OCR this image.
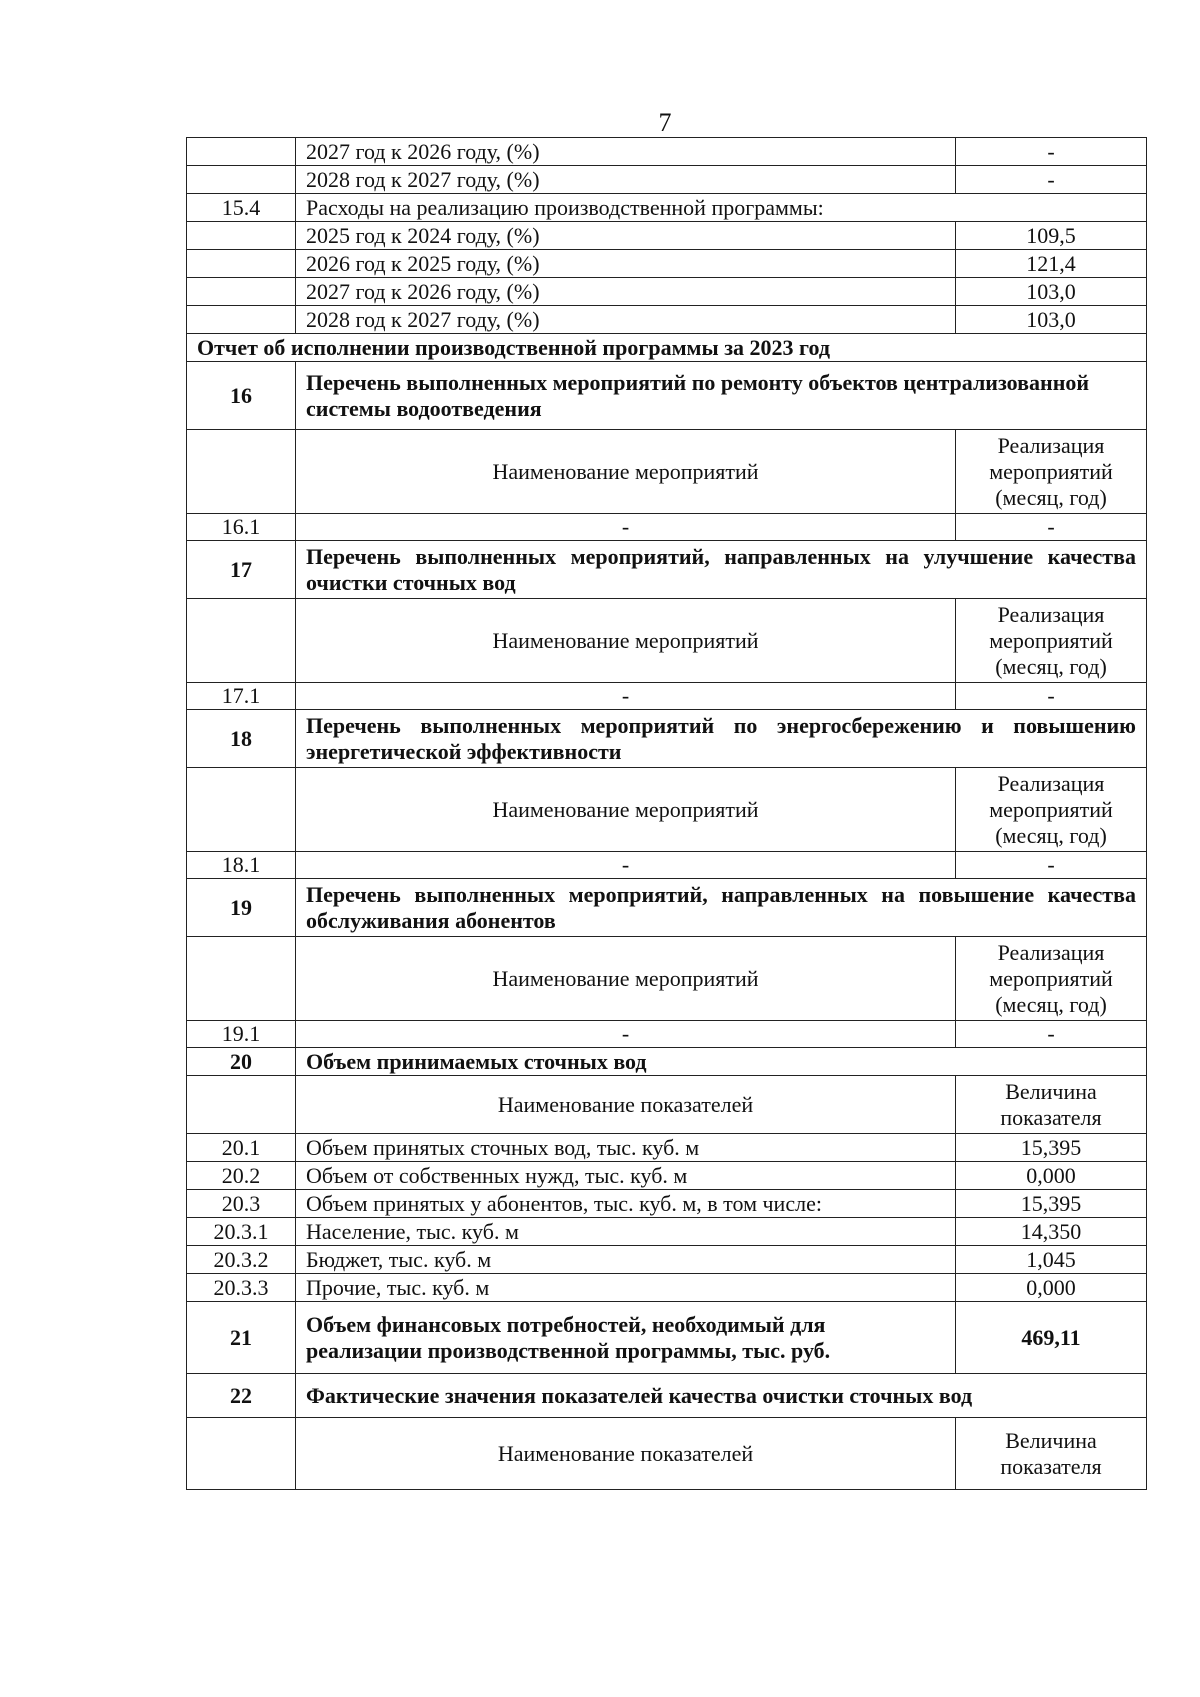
7
	2027 год к 2026 году, (%)	-
	2028 год к 2027 году, (%)	-
15.4	Расходы на реализацию производственной программы:	
	2025 год к 2024 году, (%)	109,5
	2026 год к 2025 году, (%)	121,4
	2027 год к 2026 году, (%)	103,0
	2028 год к 2027 году, (%)	103,0
Отчет об исполнении производственной программы за 2023 год		
16	Перечень выполненных мероприятий по ремонту объектов централизованной системы водоотведения	
	Наименование мероприятий	Реализация мероприятий (месяц, год)
16.1	-	-
17	Перечень выполненных мероприятий, направленных на улучшение качества очистки сточных вод	
	Наименование мероприятий	Реализация мероприятий (месяц, год)
17.1	-	-
18	Перечень выполненных мероприятий по энергосбережению и повышению энергетической эффективности	
	Наименование мероприятий	Реализация мероприятий (месяц, год)
18.1	-	-
19	Перечень выполненных мероприятий, направленных на повышение качества обслуживания абонентов	
	Наименование мероприятий	Реализация мероприятий (месяц, год)
19.1	-	-
20	Объем принимаемых сточных вод	
	Наименование показателей	Величина показателя
20.1	Объем принятых сточных вод, тыс. куб. м	15,395
20.2	Объем от собственных нужд, тыс. куб. м	0,000
20.3	Объем принятых у абонентов, тыс. куб. м, в том числе:	15,395
20.3.1	Население, тыс. куб. м	14,350
20.3.2	Бюджет, тыс. куб. м	1,045
20.3.3	Прочие, тыс. куб. м	0,000
21	Объем финансовых потребностей, необходимый для реализации производственной программы, тыс. руб.	469,11
22	Фактические значения показателей качества очистки сточных вод	
	Наименование показателей	Величина показателя
